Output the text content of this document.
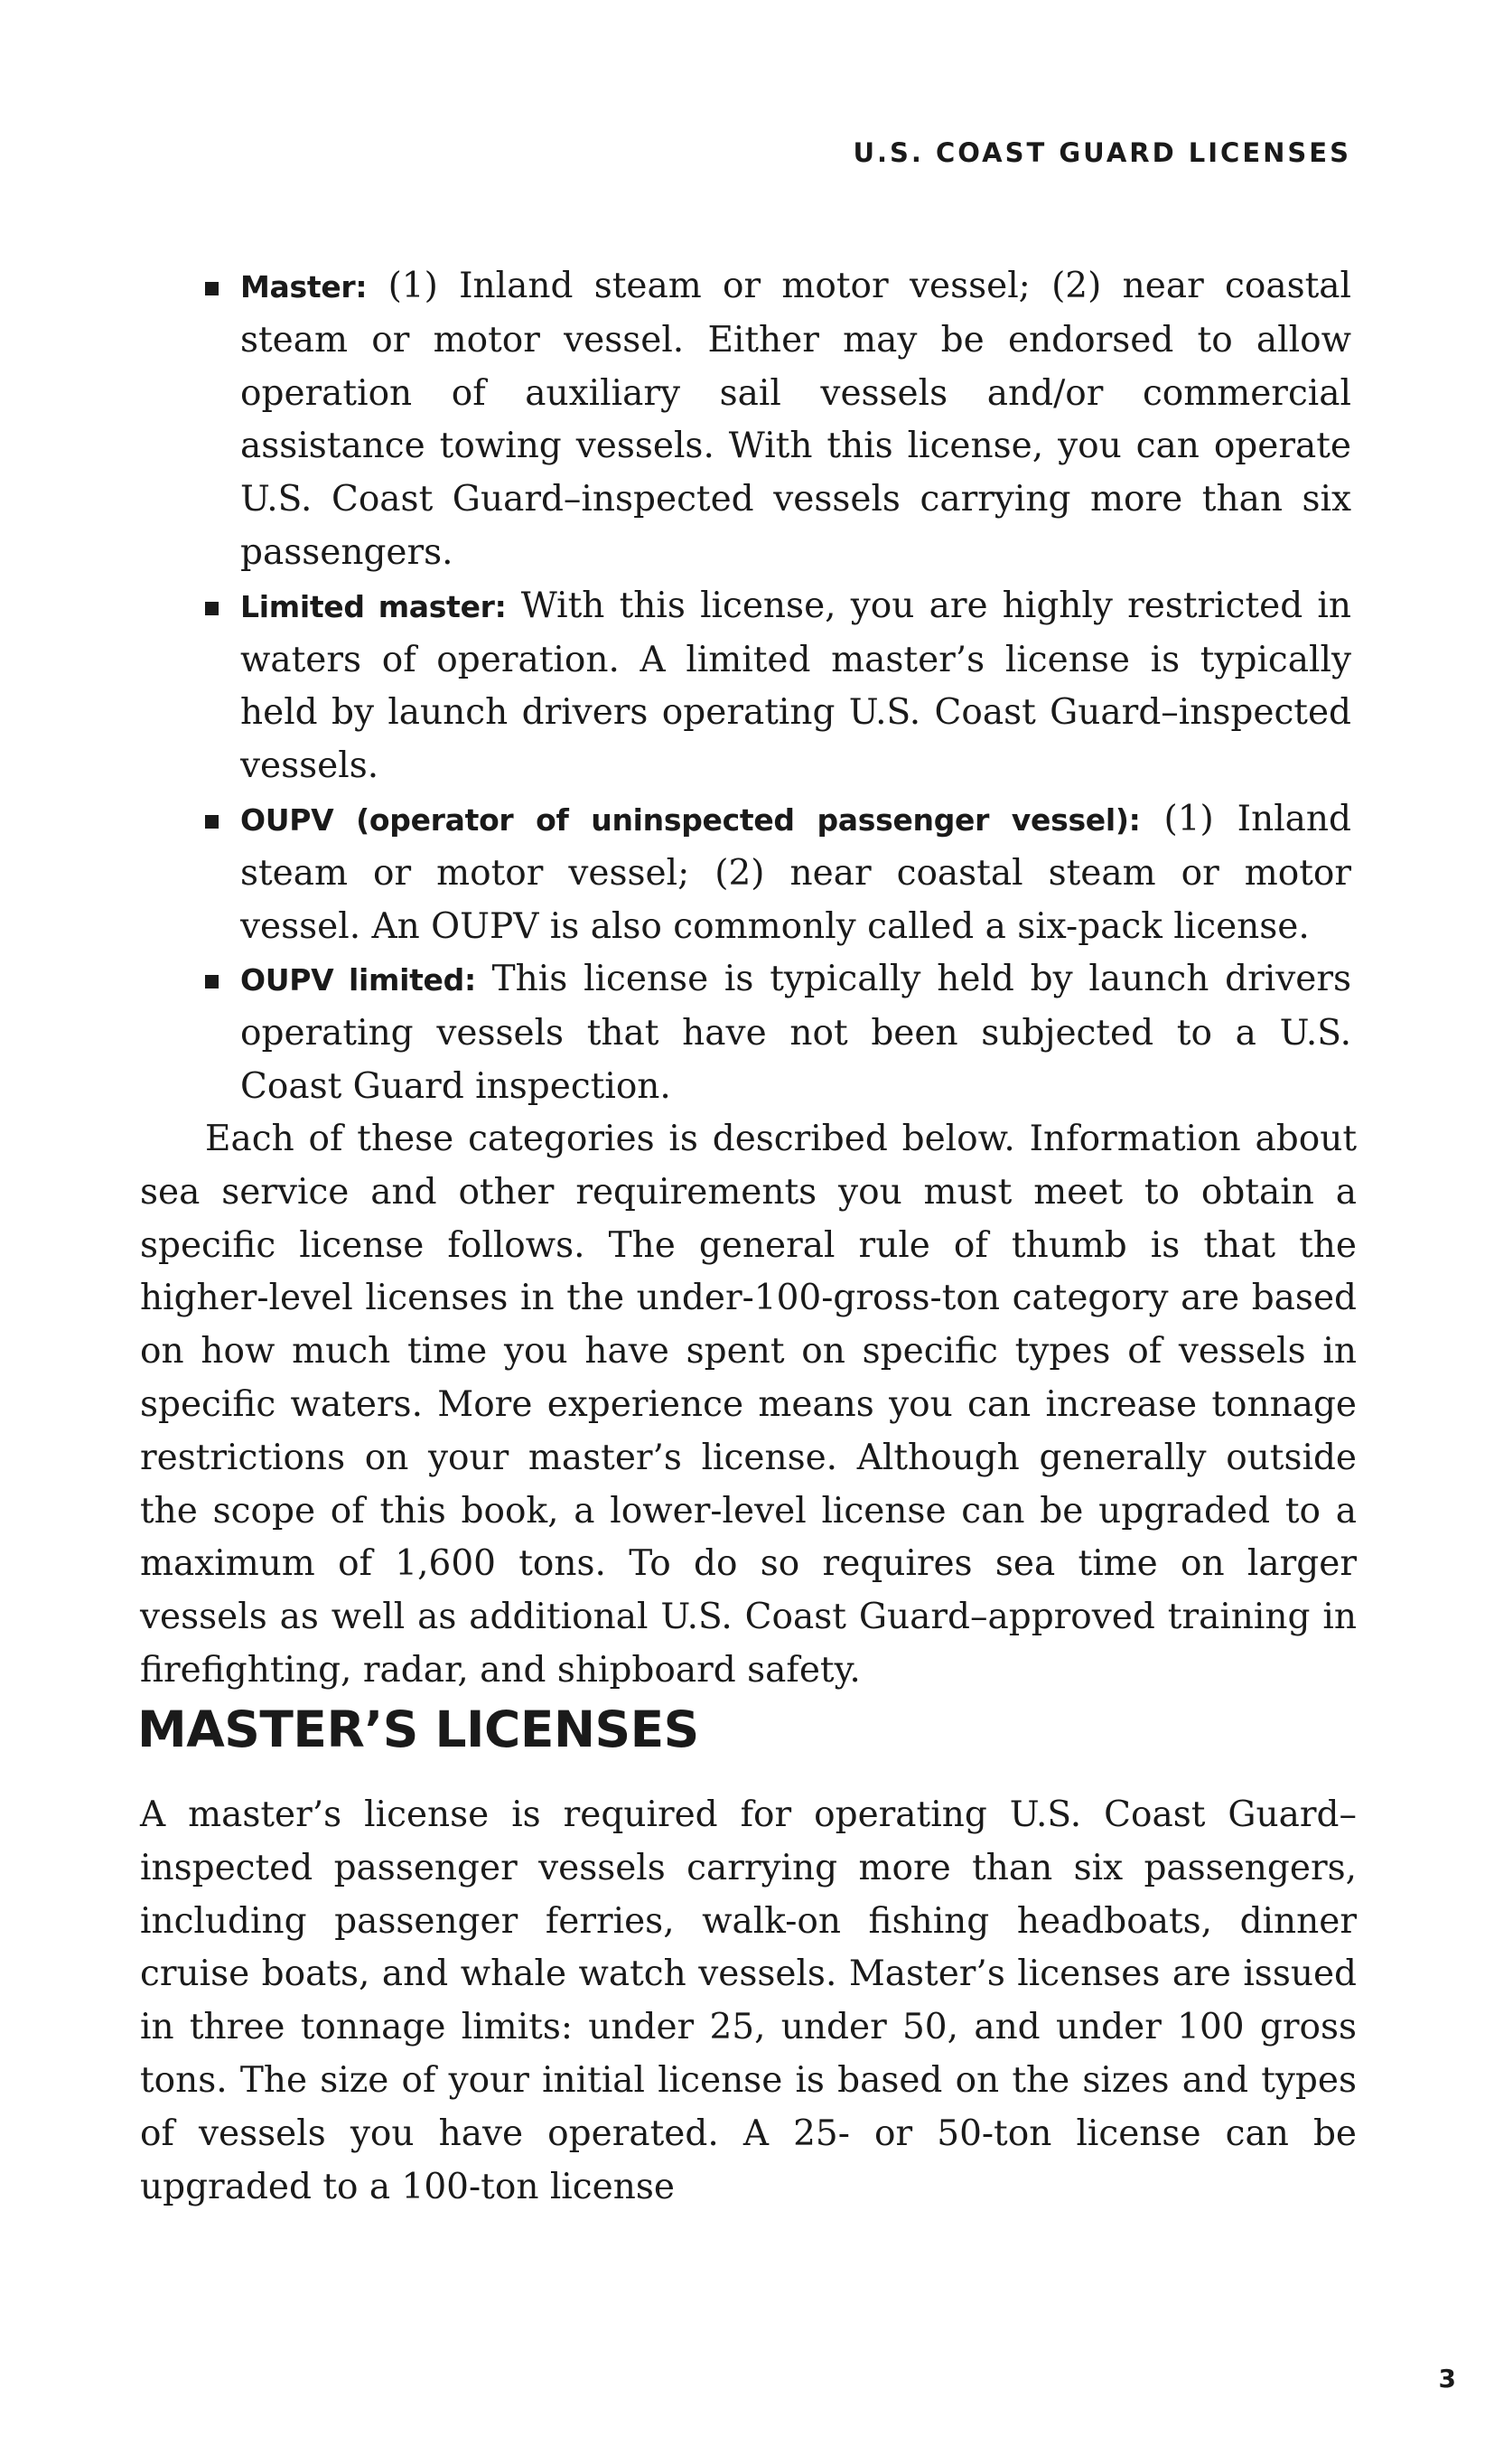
U.S. COAST GUARD LICENSES
Master: (1) Inland steam or motor vessel; (2) near coastal steam or motor vessel. Either may be endorsed to allow operation of auxiliary sail vessels and/or commercial assistance towing vessels. With this license, you can operate U.S. Coast Guard–inspected vessels carrying more than six passengers.
Limited master: With this license, you are highly restricted in waters of operation. A limited master’s license is typically held by launch drivers operating U.S. Coast Guard–inspected vessels.
OUPV (operator of uninspected passenger vessel): (1) Inland steam or motor vessel; (2) near coastal steam or motor vessel. An OUPV is also commonly called a six-pack license.
OUPV limited: This license is typically held by launch drivers operating vessels that have not been subjected to a U.S. Coast Guard inspection.

Each of these categories is described below. Information about sea service and other requirements you must meet to obtain a specific license follows. The general rule of thumb is that the higher-level licenses in the under-100-gross-ton category are based on how much time you have spent on specific types of vessels in specific waters. More experience means you can increase tonnage restrictions on your master’s license. Although generally outside the scope of this book, a lower-level license can be upgraded to a maximum of 1,600 tons. To do so requires sea time on larger vessels as well as additional U.S. Coast Guard–approved training in firefighting, radar, and shipboard safety.

MASTER’S LICENSES

A master’s license is required for operating U.S. Coast Guard–inspected passenger vessels carrying more than six passengers, including passenger ferries, walk-on fishing headboats, dinner cruise boats, and whale watch vessels. Master’s licenses are issued in three tonnage limits: under 25, under 50, and under 100 gross tons. The size of your initial license is based on the sizes and types of vessels you have operated. A 25- or 50-ton license can be upgraded to a 100-ton license

3
